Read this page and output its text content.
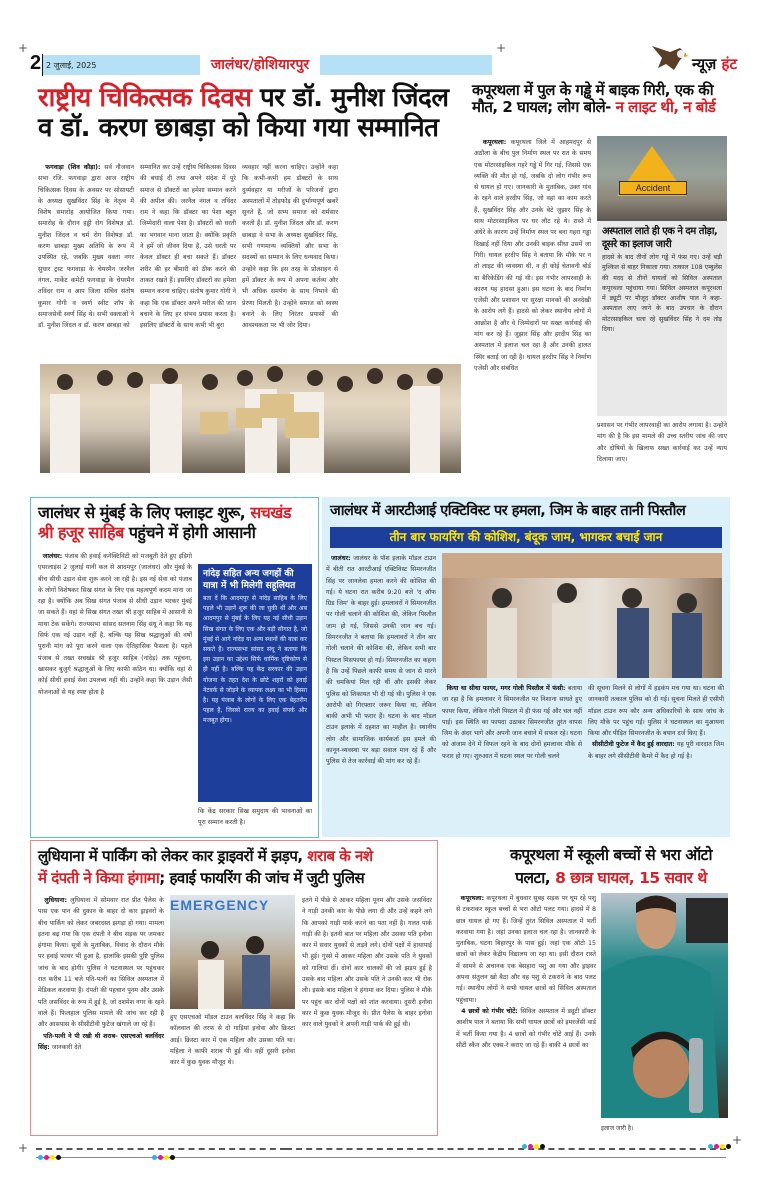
+	+
2 2 जुलाई, 2025	जालंधर/होशियारपुर	न्यूज़ हंट
राष्ट्रीय चिकित्सक दिवस पर डॉ. मुनीश जिंदल
व डॉ. करण छाबड़ा को किया गया सम्मानित
फगवाड़ा (शिव कौड़ा): सर्व नौजवान सभा रजि. फगवाड़ा द्वारा आज राष्ट्रीय चिकित्सक दिवस के अवसर पर सोसायटी के अध्यक्ष सुखविंदर सिंह के नेतृत्व में विशेष समारोह आयोजित किया गया। समारोह के दौरान हड्डी रोग विशेषज्ञ डॉ. मुनीश जिंदल व चर्म रोग विशेषज्ञ डॉ. करण छाबड़ा मुख्य अतिथि के रूप में उपस्थित रहे, जबकि मुख्य वक्ता नगर सुधार ट्रस्ट फगवाड़ा के चेयरमैन जरनैल नंगल, मार्केट कमेटी फगवाड़ा के चेयरमैन तविंदर राम व आप जिला सचिव संतोष कुमार गोगी व स्वर्ण स्वीट शॉप के समाजसेवी स्वर्ण सिंह थे। सभी वक्ताओं ने डॉ. मुनीश जिंदल व डॉ. करण छाबड़ा को
सम्मानित कर उन्हें राष्ट्रीय चिकित्सक दिवस की बधाई दी तथा अपने संदेश में पूरे समाज से डॉक्टरों का हमेशा सम्मान करने की अपील की। जरनैल नंगल व तविंदर राम ने कहा कि डॉक्टर का पेशा बहुत जिम्मेदारी वाला पेशा है। डॉक्टरों को धरती का भगवान माना जाता है। क्योंकि प्रकृति ने हमें जो जीवन दिया है, उसे धरती पर केवल डॉक्टर ही बचा सकते हैं। डॉक्टर शरीर की हर बीमारी को ठीक करने की ताकत रखते हैं। इसलिए डॉक्टरों का हमेशा सम्मान करना चाहिए। संतोष कुमार गोगी ने कहा कि एक डॉक्टर अपने मरीज की जान बचाने के लिए हर संभव प्रयास करता है। इसलिए डॉक्टरों के साथ कभी भी बुरा
व्यवहार नहीं करना चाहिए। उन्होंने कहा कि कभी-कभी हम डॉक्टरों के साथ दुर्व्यवहार या मरीजों के परिजनों द्वारा अस्पतालों में तोड़फोड़ की दुर्भाग्यपूर्ण खबरें सुनते हैं, जो सभ्य समाज को शर्मसार करती हैं। डॉ. मुनीश जिंदल और डॉ. करण छाबड़ा ने सभा के अध्यक्ष सुखविंदर सिंह, सभी गणमान्य व्यक्तियों और सभा के सदस्यों का सम्मान के लिए धन्यवाद किया। उन्होंने कहा कि इस तरह के प्रोत्साहन से हमें डॉक्टर के रूप में अपना कर्तव्य और भी अधिक समर्पण के साथ निभाने की प्रेरणा मिलती है। उन्होंने समाज को स्वस्थ बनाने के लिए निरंतर प्रयासों की आवश्यकता पर भी जोर दिया।
कपूरथला में पुल के गड्ढे में बाइक गिरी, एक की
मौत, 2 घायल; लोग बोले- न लाइट थी, न बोर्ड
कपूरथला: कपूरथला जिले में आहमदपुर से अठौला के बीच पुल निर्माण स्थल पर रात के समय एक मोटरसाइकिल गहरे गड्ढे में गिर गई, जिससे एक व्यक्ति की मौत हो गई, जबकि दो लोग गंभीर रूप से घायल हो गए। जानकारी के मुताबिक, उक्त गांव के रहने वाले हरदीप सिंह, जो वहां का काम करते हैं, सुखविंदर सिंह और उनके बेटे जुझार सिंह के साथ मोटरसाइकिल पर घर लौट रहे थे। रास्ते में अंधेरे के कारण उन्हें निर्माण स्थल पर बना गहरा गड्ढा दिखाई नहीं दिया और उनकी बाइक सीधा उसमें जा गिरी। घायल हरदीप सिंह ने बताया कि मौके पर न तो लाइट की व्यवस्था थी, न ही कोई चेतावनी बोर्ड या बैरिकेडिंग की गई थी। इस गंभीर लापरवाही के कारण यह हादसा हुआ। इस घटना के बाद निर्माण एजेंसी और प्रशासन पर सुरक्षा मानकों की अनदेखी के आरोप लगे हैं। हादसे को लेकर स्थानीय लोगों में आक्रोश है और वे जिम्मेदारों पर सख्त कार्रवाई की मांग कर रहे हैं। जुझार सिंह और हरदीप सिंह का अस्पताल में इलाज चल रहा है और उनकी हालत स्थिर बताई जा रही है। घायल हरदीप सिंह ने निर्माण एजेंसी और संबंधित
Accident
अस्पताल लाते ही एक ने दम तोड़ा, दूसरे का इलाज जारी
हादसे के बाद तीनों लोग गड्ढे में फंस गए। उन्हें बड़ी मुश्किल से बाहर निकाला गया। तत्काल 108 एम्बुलेंस की मदद से तीनों घायलों को सिविल अस्पताल कपूरथला पहुंचाया गया। सिविल अस्पताल कपूरथला में ड्यूटी पर मौजूद डॉक्टर आशीष पाल ने कहा- अस्पताल लाए जाने के बाद उपचार के दौरान मोटरसाइकिल चला रहे सुखविंदर सिंह ने दम तोड़ दिया।
प्रशासन पर गंभीर लापरवाही का आरोप लगाया है। उन्होंने मांग की है कि इस मामले की उच्च स्तरीय जांच की जाए और दोषियों के खिलाफ सख्त कार्रवाई कर उन्हें न्याय दिलाया जाए।
जालंधर से मुंबई के लिए फ्लाइट शुरू, सचखंड
श्री हजूर साहिब पहुंचने में होगी आसानी
जालंधर: पंजाब की हवाई कनेक्टिविटी को मजबूती देते हुए इंडिगो एयरलाइंस 2 जुलाई यानी कल से आदमपुर (जालंधर) और मुंबई के बीच सीधी उड़ान सेवा शुरू करने जा रही है। इस नई सेवा को पंजाब के लोगों विशेषकर सिख संगत के लिए एक महत्वपूर्ण कदम माना जा रहा है। क्योंकि अब सिख संगत पंजाब से सीधी उड़ान भरकर मुंबई जा सकते हैं। वहां से सिख संगत तख्त श्री हजूर साहिब में आसानी से माथा टेक सकेंगे। राज्यसभा सांसद सतनाम सिंह संधू ने कहा कि यह सिर्फ एक नई उड़ान नहीं है, बल्कि यह सिख श्रद्धालुओं की वर्षों पुरानी मांग को पूरा करने वाला एक ऐतिहासिक फैसला है। पहले पंजाब से तख्त सचखंड श्री हजूर साहिब (नांदेड़) तक पहुंचना, खासकर बुजुर्ग श्रद्धालुओं के लिए काफी कठिन था। क्योंकि वहां से कोई सीधी हवाई सेवा उपलब्ध नहीं थी। उन्होंने कहा कि उड़ान जैसी योजनाओं से यह स्पष्ट होता है
नांदेड़ सहित अन्य जगहों की यात्रा में भी मिलेगी सहूलियत
बता दें कि आदमपुर से नांदेड़ साहिब के लिए पहले भी उड़ानें शुरू की जा चुकी थीं और अब आदमपुर से मुंबई के लिए यह नई सीधी उड़ान सिख संगत के लिए एक और बड़ी सौगात है, जो मुंबई से आगे नांदेड़ या अन्य स्थानों की यात्रा कर सकते हैं। राज्यसभा सांसद संधू ने बताया कि इस उड़ान का उद्देश्य सिर्फ धार्मिक दृष्टिकोण से ही नहीं है। बल्कि यह केंद्र सरकार की उड़ान योजना के तहत देश के छोटे शहरों को हवाई नेटवर्क से जोड़ने के व्यापक लक्ष्य का भी हिस्सा है। यह पंजाब के लोगों के लिए एक बेहतरीन पहल है, जिससे राज्य का हवाई संपर्क और मजबूत होगा।
कि केंद्र सरकार सिख समुदाय की भावनाओं का पूरा सम्मान करती है।
जालंधर में आरटीआई एक्टिविस्ट पर हमला, जिम के बाहर तानी पिस्तौल
तीन बार फायरिंग की कोशिश, बंदूक जाम, भागकर बचाई जान
जालंधर: जालंधर के पॉश इलाके मॉडल टाउन में बीती रात आरटीआई एक्टिविस्ट सिमरनजीत सिंह पर जानलेवा हमला करने की कोशिश की गई। ये घटना रात करीब 9:20 बजे 'द ऑफ ग्रिड जिम' के बाहर हुई। हमलावरों ने सिमरनजीत पर गोली चलाने की कोशिश की, लेकिन पिस्तौल जाम हो गई, जिससे उनकी जान बच गई। सिमरनजीत ने बताया कि हमलावरों ने तीन बार गोली चलाने की कोशिश की, लेकिन सभी बार पिस्टल मिसफायर हो गई। सिमरनजीत का कहना है कि उन्हें पिछले काफी समय से जान से मारने की धमकियां मिल रही थीं और इसकी लेकर पुलिस को शिकायत भी दी गई थी। पुलिस ने एक आरोपी को गिरफ्तार जरूर किया था, लेकिन बाकी अभी भी फरार हैं। घटना के बाद मॉडल टाउन इलाके में दहशत का माहौल है। स्थानीय लोग और सामाजिक कार्यकर्ता इस हमले की कानून-व्यवस्था पर बड़ा सवाल मान रहे हैं और पुलिस से तेज कार्रवाई की मांग कर रहे हैं।
किया था सीधा फायर, मगर गोली पिस्तौल में फंसी: बताया जा रहा है कि हमलावर ने सिमरनजीत पर निशाना साधते हुए फायर किया, लेकिन गोली पिस्टल में ही फंस गई और चल नहीं पाई। इस स्थिति का फायदा उठाकर सिमरनजीत तुरंत वापस जिम के अंदर भागे और अपनी जान बचाने में सफल रहे। घटना को अंजाम देने में विफल रहने के बाद दोनों हमलावर मौके से फरार हो गए। शुरुआत में घटना स्थल पर गोली चलने
की सूचना मिलने से लोगों में हड़कंप मच गया था। घटना की जानकारी तत्काल पुलिस को दी गई। सूचना मिलते ही एसीपी मॉडल टाउन रूप कौर अन्य अधिकारियों के साथ जांच के लिए मौके पर पहुंच गईं। पुलिस ने घटनास्थल का मुआयना किया और पीड़ित सिमरनजीत के बयान दर्ज किए हैं।
सीसीटीवी फुटेज में कैद हुई वारदात: यह पूरी वारदात जिम के बाहर लगे सीसीटीवी कैमरे में कैद हो गई है।
लुधियाना में पार्किंग को लेकर कार ड्राइवरों में झड़प, शराब के नशे
में दंपती ने किया हंगामा; हवाई फायरिंग की जांच में जुटी पुलिस
लुधियाना: लुधियाना में सोमवार रात प्रीत पैलेस के पास एक पान की दुकान के बाहर दो कार ड्राइवरों के बीच पार्किंग को लेकर जबरदस्त झगड़ा हो गया। मामला इतना बढ़ गया कि एक दंपती ने बीच सड़क पर जमकर हंगामा किया। सूत्रों के मुताबिक, विवाद के दौरान मौके पर हवाई फायर भी हुआ है, हालांकि इसकी पुष्टि पुलिस जांच के बाद होगी। पुलिस ने घटनास्थल पर पहुंचकर रात करीब 11 बजे पति-पत्नी का सिविल अस्पताल में मेडिकल करवाया है। दंपती की पहचान पूनम और उसके पति जसविंदर के रूप में हुई है, जो दशमेश नगर के रहने वाले हैं। फिलहाल पुलिस मामले की जांच कर रही है और आसपास के सीसीटीवी फुटेज खंगाले जा रहे हैं।
पति-पत्नी ने पी रखी थी शराब- एसएचओ बलविंदर सिंह: जानकारी देते
EMERGENCY
हुए एसएचओ मॉडल टाउन बलविंदर सिंह ने कहा कि कॉलवाल की तरफ से दो गाड़ियां इनोवा और क्रिस्टा आई। क्रिस्टा कार में एक महिला और उसका पति था। महिला ने काफी शराब पी हुई थी। वहीं दूसरी इनोवा कार में कुछ युवक मौजूद थे।
इतने में पीछे से आकर महिला पूनम और उसके जसविंदर ने गाड़ी उनकी कार के पीछे लगा दी और उन्हें कहने लगे कि आपको गाड़ी पार्क करने का पता नहीं है। गलत पार्क गाड़ी की है। इतनी बात पर महिला और उसका पति इनोवा कार में सवार युवकों से लड़ने लगे। दोनों पक्षों में हाथापाई भी हुई। गुस्से में आकर महिला और उसके पति ने युवकों को गालियां दीं। दोनों कार चालकों की जो झड़प हुई है उसके बाद महिला और उसके पति ने उनकी कार भी रोक ली। इसके बाद महिला ने हंगामा कर दिया। पुलिस ने मौके पर पहुंच कर दोनों पक्षों को शांत करवाया। दूसरी इनोवा कार में कुछ युवक मौजूद थे। प्रीत पैलेस के बाहर इनोवा कार वाले युवकों ने अपनी गाड़ी पार्क की हुई थी।
कपूरथला में स्कूली बच्चों से भरा ऑटो
पलटा, 8 छात्र घायल, 15 सवार थे
कपूरथला: कपूरथला में बुधवार सुबह सड़क पर घूम रहे पशु से टकराकर स्कूल बच्चों से भरा ऑटो पलट गया। हादसे में 8 छात्र घायल हो गए हैं। जिन्हें तुरंत सिविल अस्पताल में भर्ती करवाया गया है। जहां उनका इलाज चल रहा है। जानकारी के मुताबिक, घटना बिहारपुर के पास हुई। जहां एक ऑटो 15 छात्रों को लेकर केंद्रीय विद्यालय जा रहा था। इसी दौरान रास्ते में सामने से अचानक एक बेसहारा पशु आ गया और ड्राइवर अपना संतुलन खो बैठा और वह पशु से टकराने के बाद पलट गई। स्थानीय लोगों ने सभी घायल छात्रों को सिविल अस्पताल पहुंचाया।
4 छात्रों को गंभीर चोटें: सिविल अस्पताल में ड्यूटी डॉक्टर आशीष पाल ने बताया कि सभी घायल छात्रों को इमरजेंसी वार्ड में भर्ती किया गया है। 4 छात्रों को गंभीर चोटें आई हैं। उनके सीटी स्कैन और एक्स-रे कराए जा रहे हैं। बाकी 4 छात्रों का
इलाज जारी है।
+
+
